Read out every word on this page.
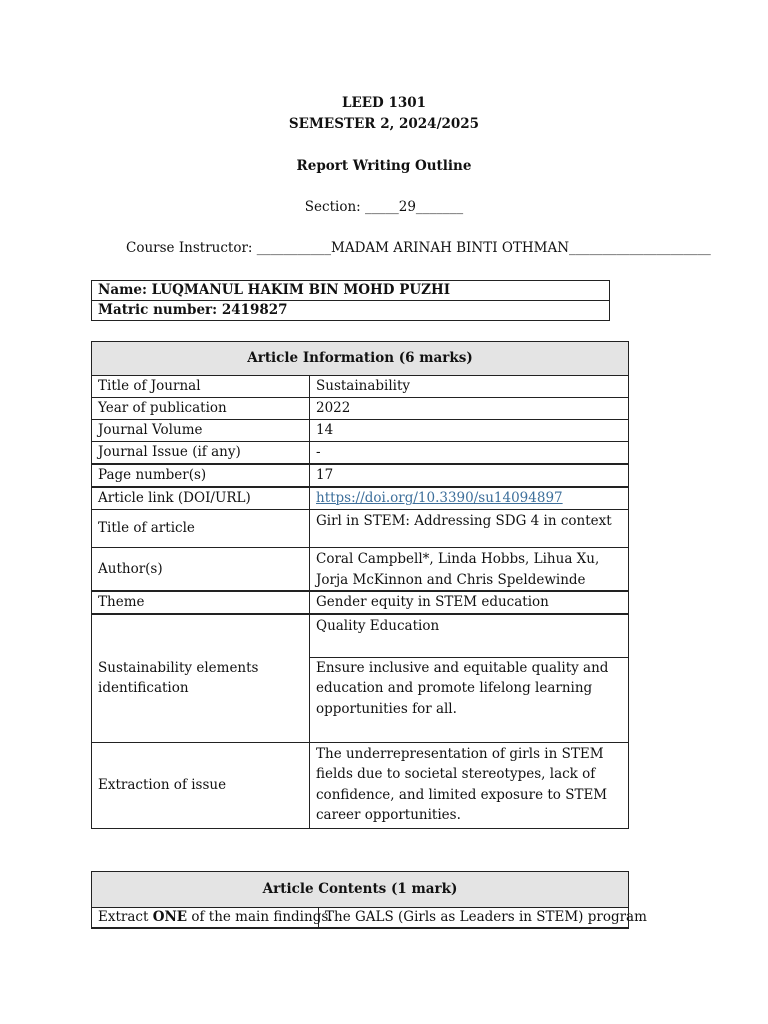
LEED 1301
SEMESTER 2, 2024/2025
Report Writing Outline
Section: _____29_______
Course Instructor: ___________MADAM ARINAH BINTI OTHMAN_____________________
Name: LUQMANUL HAKIM BIN MOHD PUZHI
Matric number: 2419827
Article Information (6 marks)	
Title of Journal	Sustainability
Year of publication	2022
Journal Volume	14
Journal Issue (if any)	-
Page number(s)	17
Article link (DOI/URL)	https://doi.org/10.3390/su14094897
Title of article	Girl in STEM: Addressing SDG 4 in context
Author(s)	Coral Campbell*, Linda Hobbs, Lihua Xu, Jorja McKinnon and Chris Speldewinde
Theme	Gender equity in STEM education
Sustainability elements identification	Quality Education
	Ensure inclusive and equitable quality and education and promote lifelong learning opportunities for all.
Extraction of issue	The underrepresentation of girls in STEM fields due to societal stereotypes, lack of confidence, and limited exposure to STEM career opportunities.
Article Contents (1 mark)
Extract ONE of the main findings.	The GALS (Girls as Leaders in STEM) program
